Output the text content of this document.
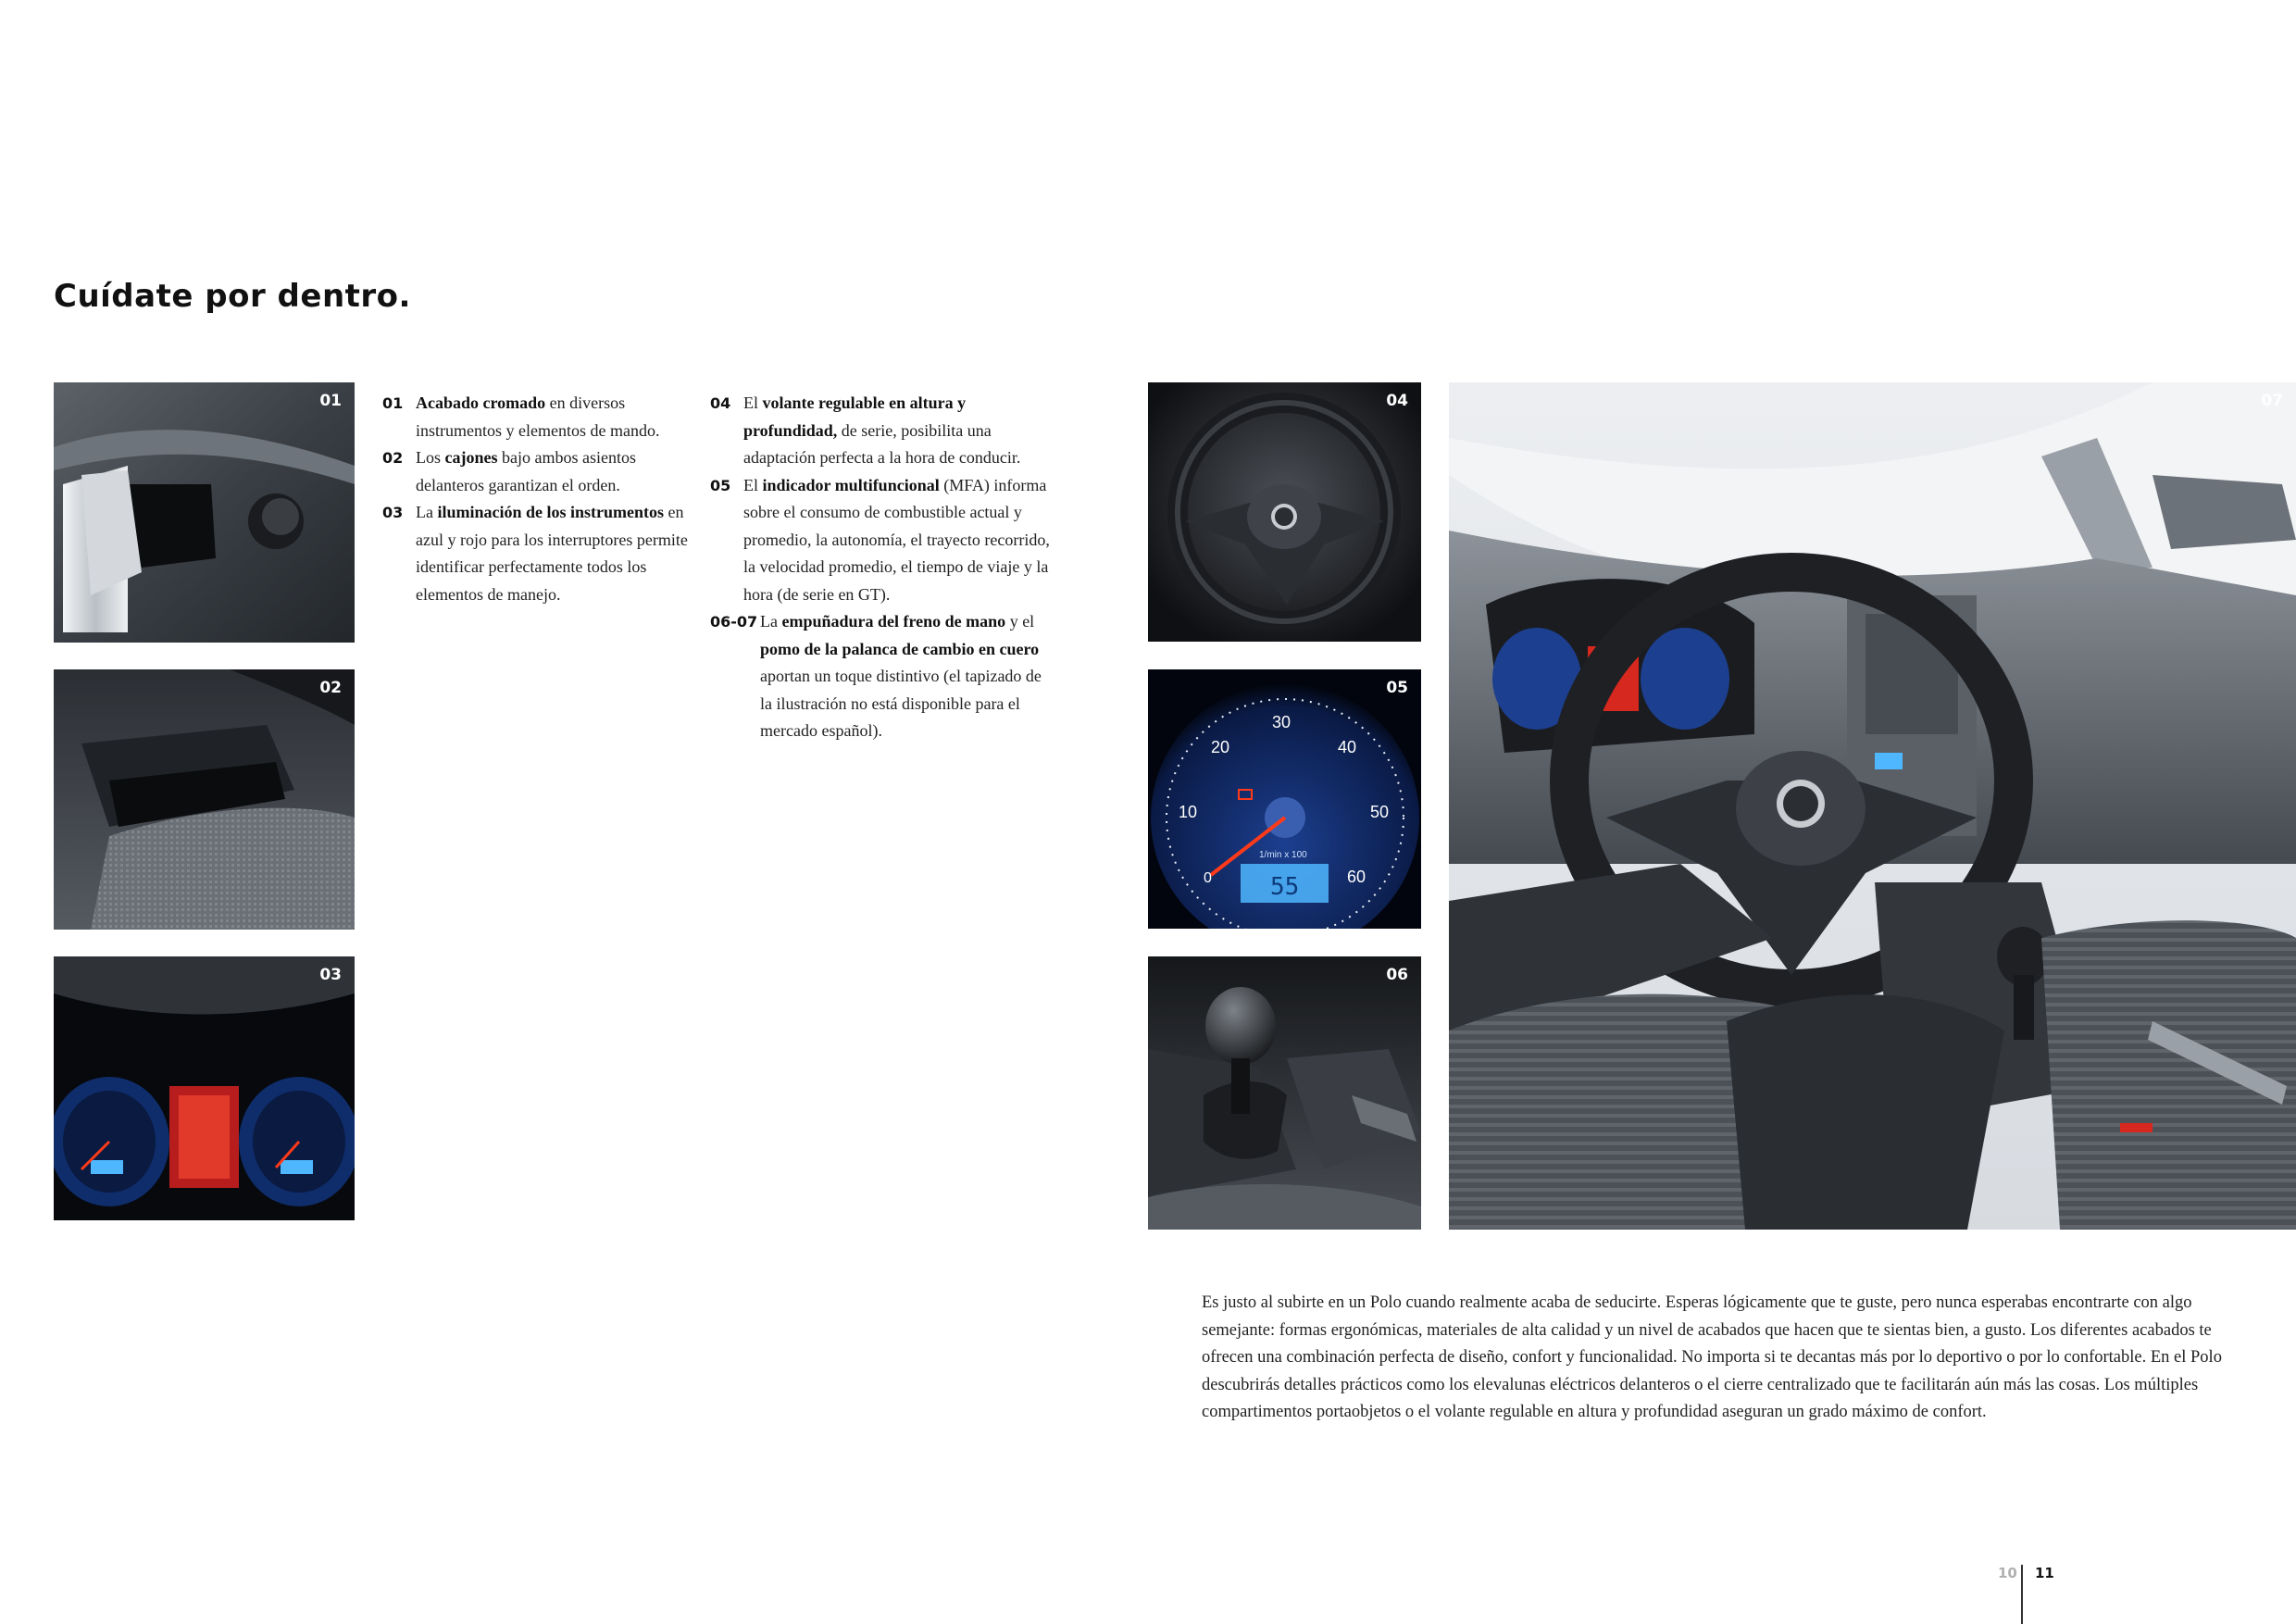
Cuídate por dentro.
01
02
03
01 Acabado cromado en diversos instrumentos y elementos de mando.
02 Los cajones bajo ambos asientos delanteros garantizan el orden.
03 La iluminación de los instrumentos en azul y rojo para los interruptores permite identificar perfectamente todos los elementos de manejo.
04 El volante regulable en altura y profundidad, de serie, posibilita una adaptación perfecta a la hora de conducir.
05 El indicador multifuncional (MFA) informa sobre el consumo de combustible actual y promedio, la autonomía, el trayecto recorrido, la velocidad promedio, el tiempo de viaje y la hora (de serie en GT).
06-07 La empuñadura del freno de mano y el pomo de la palanca de cambio en cuero aportan un toque distintivo (el tapizado de la ilustración no está disponible para el mercado español).
04
10
20
30
40
50
60
0
1/min x 100
55
05
06
07

Es justo al subirte en un Polo cuando realmente acaba de seducirte. Esperas lógicamente que te guste, pero nunca esperabas encontrarte con algo semejante: formas ergonómicas, materiales de alta calidad y un nivel de acabados que hacen que te sientas bien, a gusto. Los diferentes acabados te ofrecen una combinación perfecta de diseño, confort y funcionalidad. No importa si te decantas más por lo deportivo o por lo confortable. En el Polo descubrirás detalles prácticos como los elevalunas eléctricos delanteros o el cierre centralizado que te facilitarán aún más las cosas. Los múltiples compartimentos portaobjetos o el volante regulable en altura y profundidad aseguran un grado máximo de confort.

10 11
